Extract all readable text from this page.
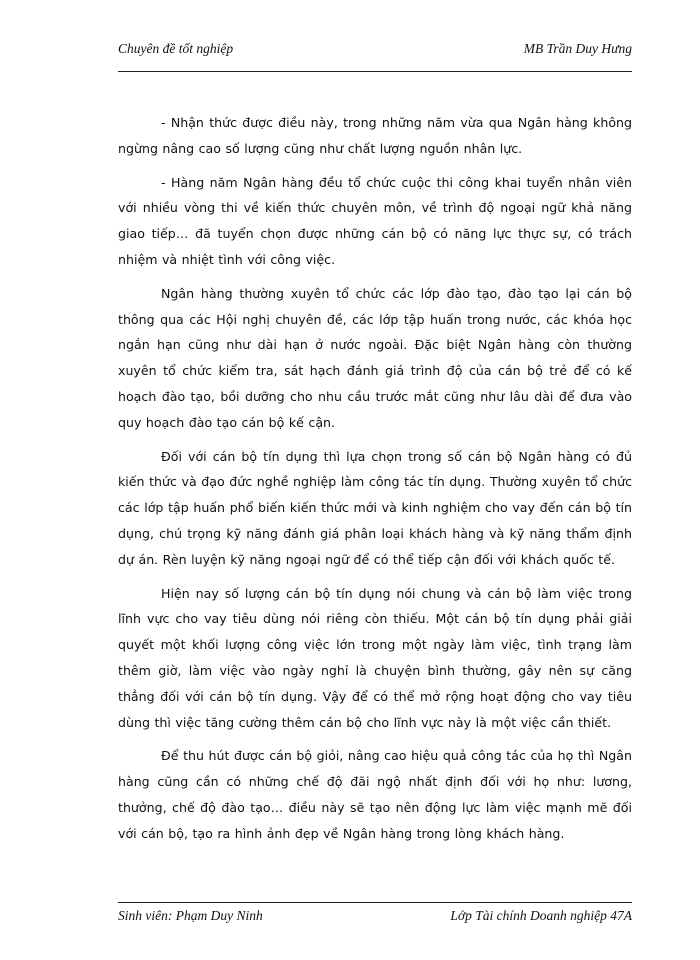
Chuyên đề tốt nghiệp	MB Trần Duy Hưng

- Nhận thức được điều này, trong những năm vừa qua Ngân hàng không ngừng nâng cao số lượng cũng như chất lượng nguồn nhân lực.

- Hàng năm Ngân hàng đều tổ chức cuộc thi công khai tuyển nhân viên với nhiều vòng thi về kiến thức chuyên môn, về trình độ ngoại ngữ khả năng giao tiếp… đã tuyển chọn được những cán bộ có năng lực thực sự, có trách nhiệm và nhiệt tình với công việc.

Ngân hàng thường xuyên tổ chức các lớp đào tạo, đào tạo lại cán bộ thông qua các Hội nghị chuyên đề, các lớp tập huấn trong nước, các khóa học ngắn hạn cũng như dài hạn ở nước ngoài. Đặc biệt Ngân hàng còn thường xuyên tổ chức kiểm tra, sát hạch đánh giá trình độ của cán bộ trẻ để có kế hoạch đào tạo, bồi dưỡng cho nhu cầu trước mắt cũng như lâu dài để đưa vào quy hoạch đào tạo cán bộ kế cận.

Đối với cán bộ tín dụng thì lựa chọn trong số cán bộ Ngân hàng có đủ kiến thức và đạo đức nghề nghiệp làm công tác tín dụng. Thường xuyên tổ chức các lớp tập huấn phổ biến kiến thức mới và kinh nghiệm cho vay đến cán bộ tín dụng, chú trọng kỹ năng đánh giá phân loại khách hàng và kỹ năng thẩm định dự án. Rèn luyện kỹ năng ngoại ngữ để có thể tiếp cận đối với khách quốc tế.

Hiện nay số lượng cán bộ tín dụng nói chung và cán bộ làm việc trong lĩnh vực cho vay tiêu dùng nói riêng còn thiếu. Một cán bộ tín dụng phải giải quyết một khối lượng công việc lớn trong một ngày làm việc, tình trạng làm thêm giờ, làm việc vào ngày nghỉ là chuyện bình thường, gây nên sự căng thẳng đối với cán bộ tín dụng. Vậy để có thể mở rộng hoạt động cho vay tiêu dùng thì việc tăng cường thêm cán bộ cho lĩnh vực này là một việc cần thiết.

Để thu hút được cán bộ giỏi, nâng cao hiệu quả công tác của họ thì Ngân hàng cũng cần có những chế độ đãi ngộ nhất định đối với họ như: lương, thưởng, chế độ đào tạo… điều này sẽ tạo nên động lực làm việc mạnh mẽ đối với cán bộ, tạo ra hình ảnh đẹp về Ngân hàng trong lòng khách hàng.

Sinh viên: Phạm Duy Ninh	Lớp Tài chính Doanh nghiệp 47A
